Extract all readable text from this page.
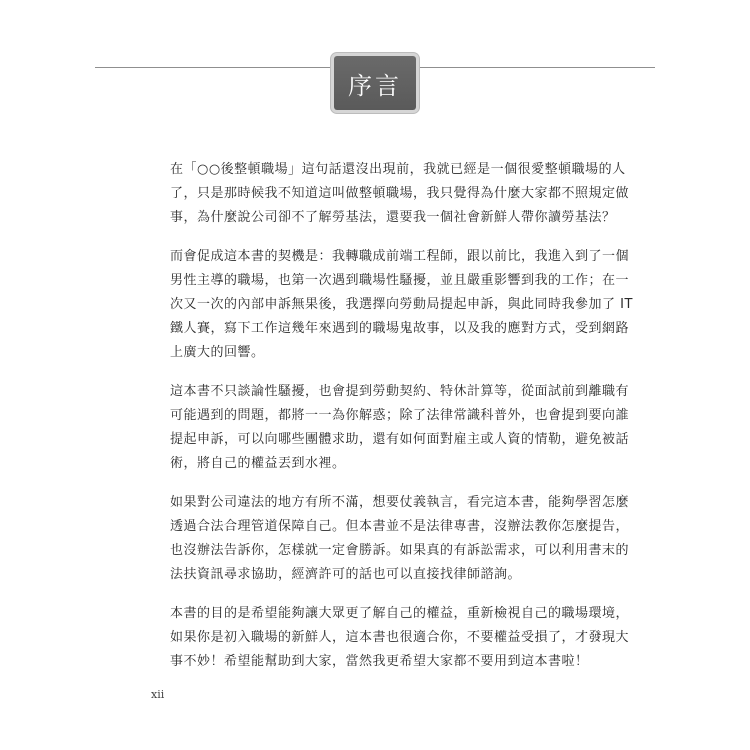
序言
在「○○後整頓職場」這句話還沒出現前，我就已經是一個很愛整頓職場的人
了，只是那時候我不知道這叫做整頓職場，我只覺得為什麼大家都不照規定做
事，為什麼說公司卻不了解勞基法，還要我一個社會新鮮人帶你讀勞基法？
而會促成這本書的契機是：我轉職成前端工程師，跟以前比，我進入到了一個
男性主導的職場，也第一次遇到職場性騷擾，並且嚴重影響到我的工作；在一
次又一次的內部申訴無果後，我選擇向勞動局提起申訴，與此同時我參加了 IT
鐵人賽，寫下工作這幾年來遇到的職場鬼故事，以及我的應對方式，受到網路
上廣大的回響。
這本書不只談論性騷擾，也會提到勞動契約、特休計算等，從面試前到離職有
可能遇到的問題，都將一一為你解惑；除了法律常識科普外，也會提到要向誰
提起申訴，可以向哪些團體求助，還有如何面對雇主或人資的情勒，避免被話
術，將自己的權益丟到水裡。
如果對公司違法的地方有所不滿，想要仗義執言，看完這本書，能夠學習怎麼
透過合法合理管道保障自己。但本書並不是法律專書，沒辦法教你怎麼提告，
也沒辦法告訴你，怎樣就一定會勝訴。如果真的有訴訟需求，可以利用書末的
法扶資訊尋求協助，經濟許可的話也可以直接找律師諮詢。
本書的目的是希望能夠讓大眾更了解自己的權益，重新檢視自己的職場環境，
如果你是初入職場的新鮮人，這本書也很適合你，不要權益受損了，才發現大
事不妙！希望能幫助到大家，當然我更希望大家都不要用到這本書啦！
xii
